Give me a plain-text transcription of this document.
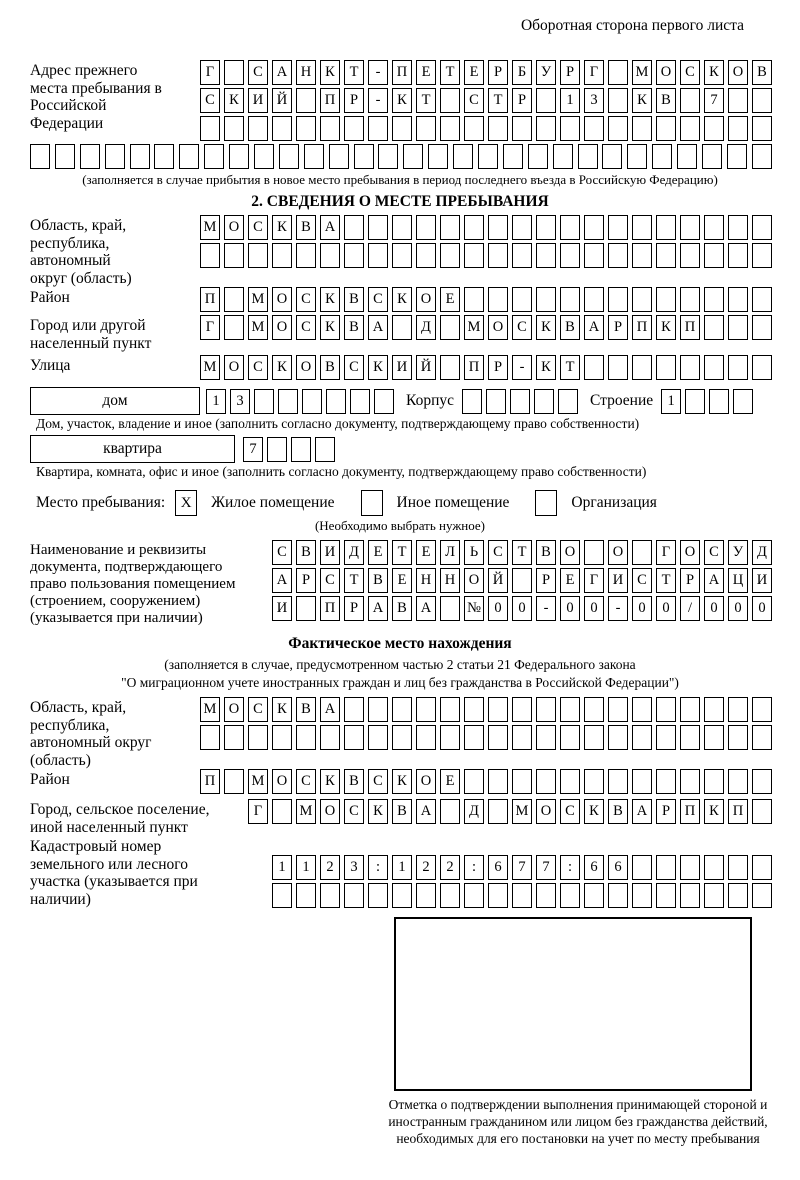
Оборотная сторона первого листа
Адрес прежнего места пребывания в Российской Федерации
Г	С А Н К	Т	-	П Е	Т	Е	Р	Б	У	Р	Г	М О С К О В
С К И Й	П	Р	-	К	Т	С	Т	Р	1	3	К В	7
(заполняется в случае прибытия в новое место пребывания в период последнего въезда в Российскую Федерацию)
2. СВЕДЕНИЯ О МЕСТЕ ПРЕБЫВАНИЯ
Область, край, республика, автономный округ (область)
М О С К В А
Район	П	М О С К В С К О Е
Город или другой населенный пункт
Г	М О С К В А	Д	М О С К В А	Р	П К П
Улица	М О С К О В С К И Й	П	Р	-	К	Т
дом	1	3	Корпус	Строение 1
Дом, участок, владение и иное (заполнить согласно документу, подтверждающему право собственности)
квартира	7
Квартира, комната, офис и иное (заполнить согласно документу, подтверждающему право собственности)
Место пребывания:	X	Жилое помещение	Иное помещение	Организация
(Необходимо выбрать нужное)
Наименование и реквизиты документа, подтверждающего право пользования помещением (строением, сооружением) (указывается при наличии)
С В И Д	Е	Т	Е	Л	Ь	С	Т	В О	О	Г	О С У Д
А	Р	С	Т	В	Е Н Н О Й	Р	Е	Г	И С	Т	Р	А Ц И
И	П	Р	А В А	№ 0	0	-	0	0	-	0	0	/	0	0	0
Фактическое место нахождения
(заполняется в случае, предусмотренном частью 2 статьи 21 Федерального закона
"О миграционном учете иностранных граждан и лиц без гражданства в Российской Федерации")
Область, край, республика, автономный округ (область)
М О С К В А
Район	П	М О С К В С К О Е
Город, сельское поселение, иной населенный пункт
Г	М О С К В А	Д	М О С К В А	Р	П К П
Кадастровый номер земельного или лесного участка (указывается при наличии)
1	1	2	3	:	1	2	2	:	6	7	7	:	6	6
Отметка о подтверждении выполнения принимающей стороной и иностранным гражданином или лицом без гражданства действий, необходимых для его постановки на учет по месту пребывания
